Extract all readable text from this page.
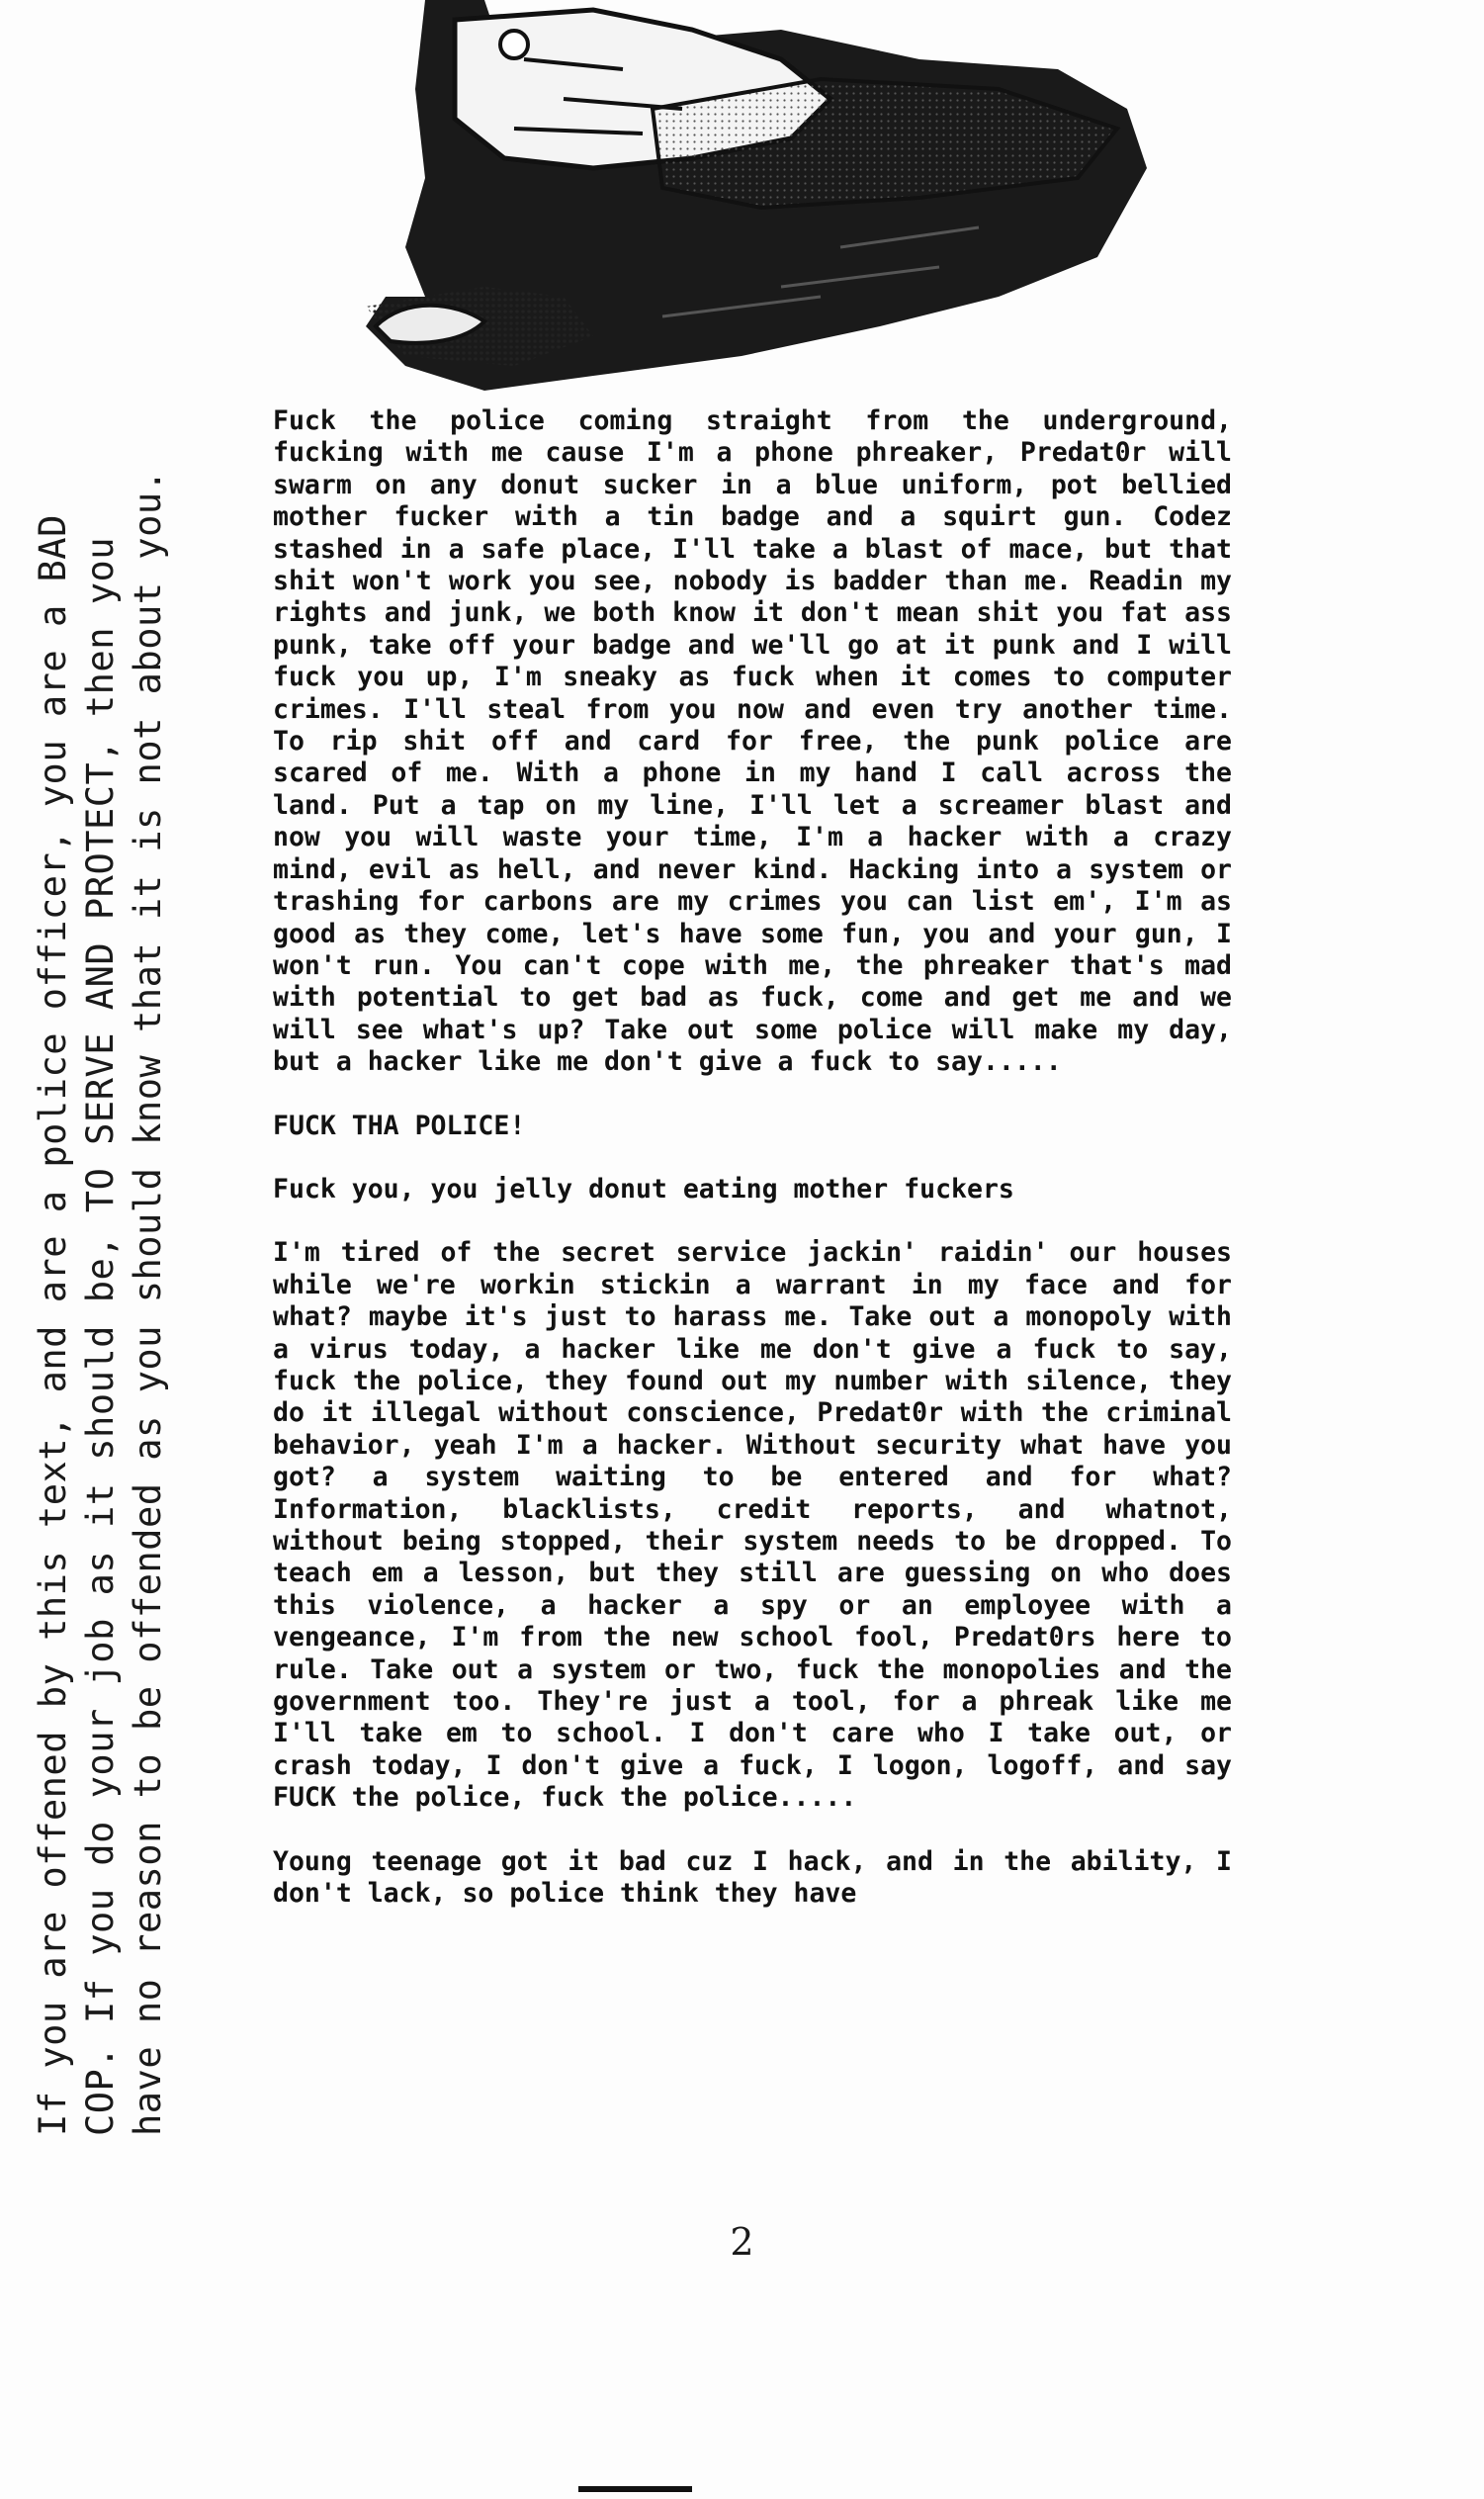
If you are offened by this text, and are a police officer, you are a BAD COP. If you do your job as it should be, TO SERVE AND PROTECT, then you have no reason to be offended as you should know that it is not about you.

Fuck the police coming straight from the underground, fucking with me cause I'm a phone phreaker, Predat0r will swarm on any donut sucker in a blue uniform, pot bellied mother fucker with a tin badge and a squirt gun. Codez stashed in a safe place, I'll take a blast of mace, but that shit won't work you see, nobody is badder than me. Readin my rights and junk, we both know it don't mean shit you fat ass punk, take off your badge and we'll go at it punk and I will fuck you up, I'm sneaky as fuck when it comes to computer crimes. I'll steal from you now and even try another time. To rip shit off and card for free, the punk police are scared of me. With a phone in my hand I call across the land. Put a tap on my line, I'll let a screamer blast and now you will waste your time, I'm a hacker with a crazy mind, evil as hell, and never kind. Hacking into a system or trashing for carbons are my crimes you can list em', I'm as good as they come, let's have some fun, you and your gun, I won't run. You can't cope with me, the phreaker that's mad with potential to get bad as fuck, come and get me and we will see what's up? Take out some police will make my day, but a hacker like me don't give a fuck to say.....

FUCK THA POLICE!

Fuck you, you jelly donut eating mother fuckers

I'm tired of the secret service jackin' raidin' our houses while we're workin stickin a warrant in my face and for what? maybe it's just to harass me. Take out a monopoly with a virus today, a hacker like me don't give a fuck to say, fuck the police, they found out my number with silence, they do it illegal without conscience, Predat0r with the criminal behavior, yeah I'm a hacker. Without security what have you got? a system waiting to be entered and for what? Information, blacklists, credit reports, and whatnot, without being stopped, their system needs to be dropped. To teach em a lesson, but they still are guessing on who does this violence, a hacker a spy or an employee with a vengeance, I'm from the new school fool, Predat0rs here to rule. Take out a system or two, fuck the monopolies and the government too. They're just a tool, for a phreak like me I'll take em to school. I don't care who I take out, or crash today, I don't give a fuck, I logon, logoff, and say FUCK the police, fuck the police.....

Young teenage got it bad cuz I hack, and in the ability, I don't lack, so police think they have

2
